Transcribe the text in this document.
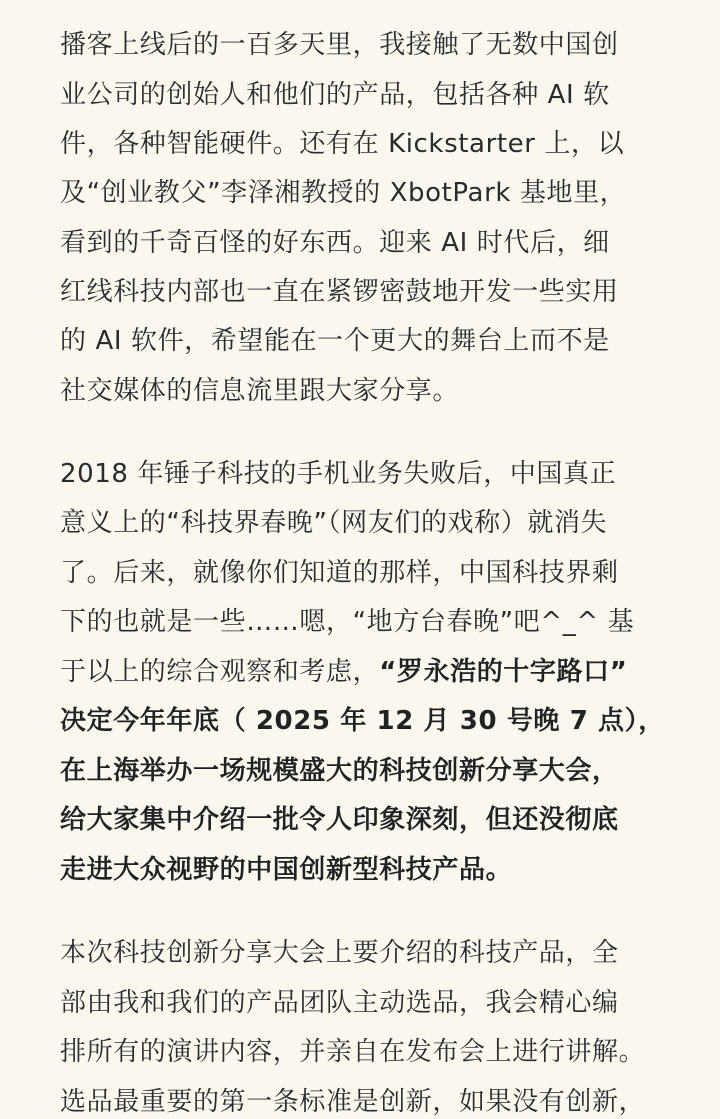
播客上线后的一百多天里，我接触了无数中国创
业公司的创始人和他们的产品，包括各种 AI 软
件，各种智能硬件。还有在 Kickstarter 上，以
及“创业教父”李泽湘教授的 XbotPark 基地里，
看到的千奇百怪的好东西。迎来 AI 时代后，细
红线科技内部也一直在紧锣密鼓地开发一些实用
的 AI 软件，希望能在一个更大的舞台上而不是
社交媒体的信息流里跟大家分享。
2018 年锤子科技的手机业务失败后，中国真正
意义上的“科技界春晚”（网友们的戏称）就消失
了。后来，就像你们知道的那样，中国科技界剩
下的也就是一些……嗯，“地方台春晚”吧^_^ 基
于以上的综合观察和考虑，“罗永浩的十字路口”
决定今年年底（ 2025 年 12 月 30 号晚 7 点），
在上海举办一场规模盛大的科技创新分享大会，
给大家集中介绍一批令人印象深刻，但还没彻底
走进大众视野的中国创新型科技产品。
本次科技创新分享大会上要介绍的科技产品，全
部由我和我们的产品团队主动选品，我会精心编
排所有的演讲内容，并亲自在发布会上进行讲解。
选品最重要的第一条标准是创新，如果没有创新，
